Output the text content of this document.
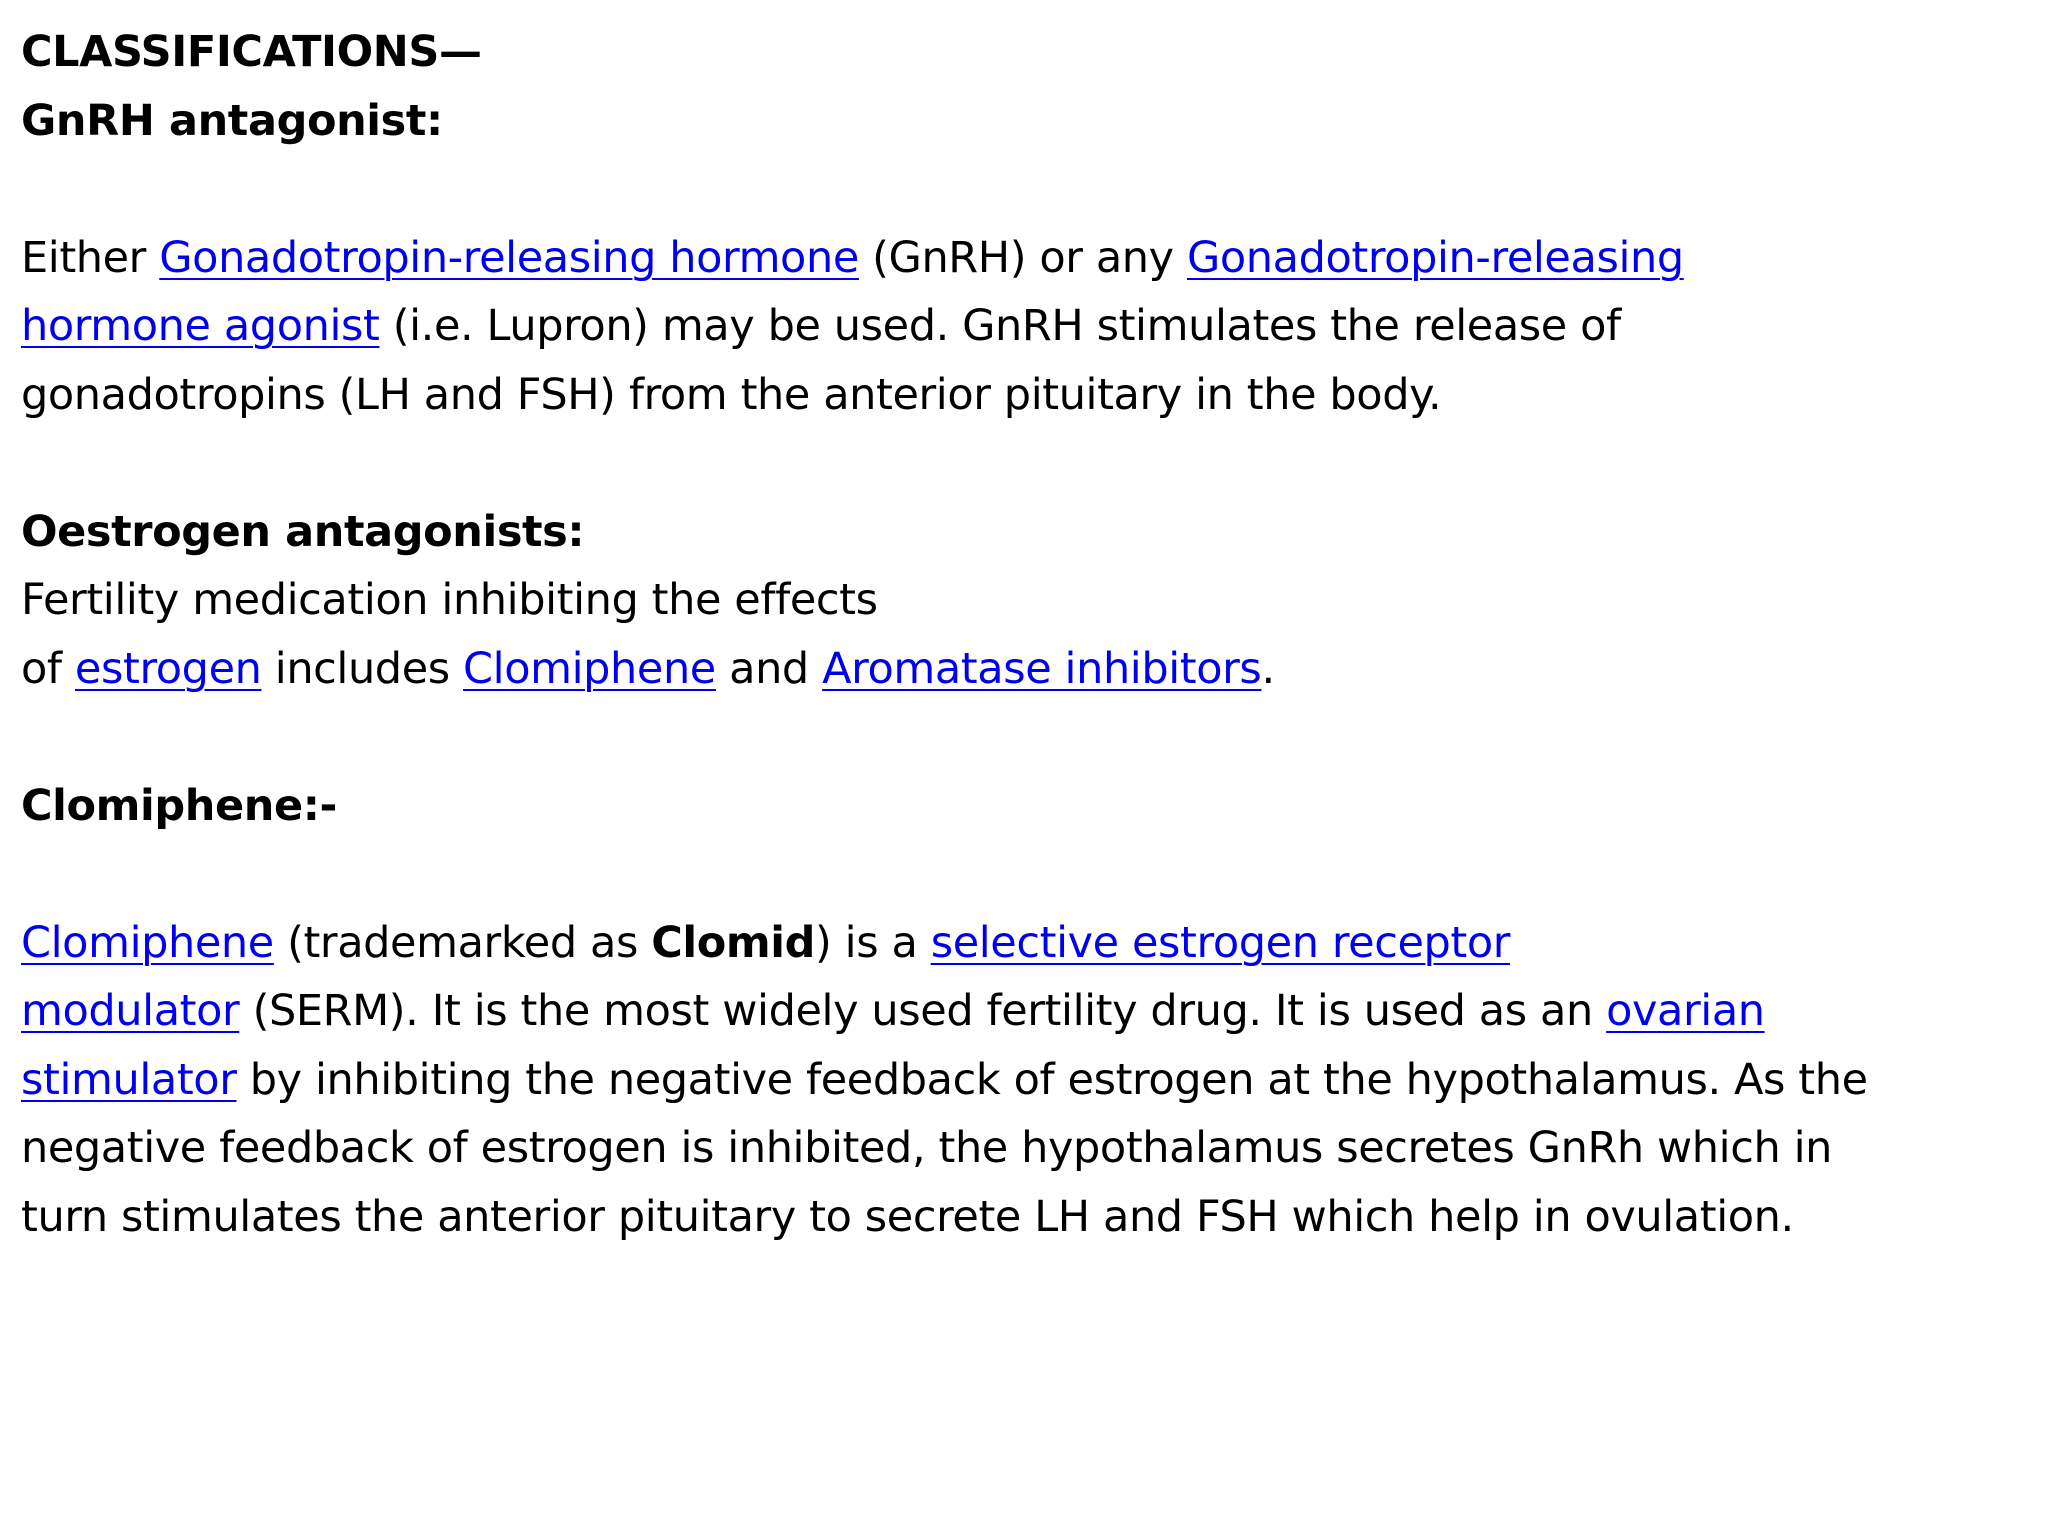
CLASSIFICATIONS—
GnRH antagonist:
Either Gonadotropin-releasing hormone (GnRH) or any Gonadotropin-releasing
hormone agonist (i.e. Lupron) may be used. GnRH stimulates the release of
gonadotropins (LH and FSH) from the anterior pituitary in the body.
Oestrogen antagonists:
Fertility medication inhibiting the effects
of estrogen includes Clomiphene and Aromatase inhibitors.
Clomiphene:-
Clomiphene (trademarked as Clomid) is a selective estrogen receptor
modulator (SERM). It is the most widely used fertility drug. It is used as an ovarian
stimulator by inhibiting the negative feedback of estrogen at the hypothalamus. As the
negative feedback of estrogen is inhibited, the hypothalamus secretes GnRh which in
turn stimulates the anterior pituitary to secrete LH and FSH which help in ovulation.
